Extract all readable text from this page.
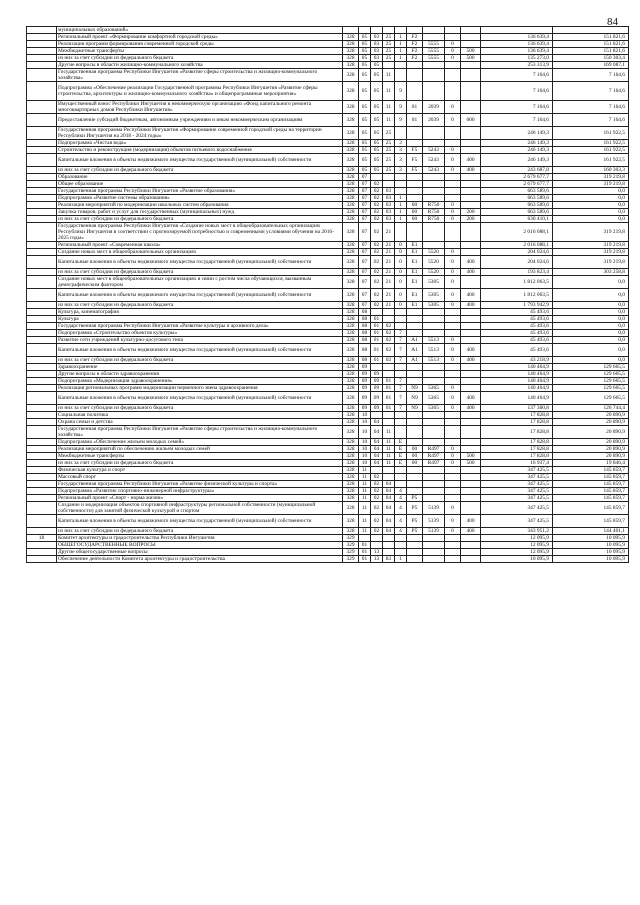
84
	муниципальных образований»											
	Региональный проект «Формирование комфортной городской среды»	328	05	03	25	1	F2				136 639,4	151 821,6
	Реализация программ формирования современной городской среды	328	05	03	25	1	F2	5555	0		136 639,4	151 821,6
	Межбюджетные трансферты	328	05	03	25	1	F2	5555	0	500	136 639,4	151 821,6
	из них за счет субсидии из федерального бюджета	328	05	03	25	1	F2	5555	0	500	135 273,0	150 303,4
	Другие вопросы в области жилищно-коммунального хозяйства	328	05	05							253 313,9	169 087,1
	Государственная программа Республики Ингушетия «Развитие сферы строительства и жилищно-коммунального хозяйства»	328	05	05	11						7 164,6	7 164,6
	Подпрограмма «Обеспечение реализации Государственной программы Республики Ингушетия «Развитие сферы строительства, архитектуры и жилищно-коммунального хозяйства» и общепрограммные мероприятия»	328	05	05	11	9					7 164,6	7 164,6
	Имущественный взнос Республики Ингушетия в некоммерческую организацию «Фонд капитального ремонта многоквартирных домов Республики Ингушетия»	328	05	05	11	9	01	2039	0		7 164,6	7 164,6
	Предоставление субсидий бюджетным, автономным учреждениям и иным некоммерческим организациям	328	05	05	11	9	01	2039	0	600	7 164,6	7 164,6
	Государственная программа Республики Ингушетия «Формирование современной городской среды на территории Республики Ингушетия на 2018 - 2024 годы»	328	05	05	25						246 149,3	161 922,5
	Подпрограмма «Чистая вода»	328	05	05	25	3					246 149,3	161 922,5
	Строительство и реконструкция (модернизация) объектов питьевого водоснабжения	328	05	05	25	3	F5	5243	0		246 149,3	161 922,5
	Капитальные вложения в объекты недвижимого имущества государственной (муниципальной) собственности	328	05	05	25	3	F5	5243	0	400	246 149,3	161 922,5
	из них за счет субсидии из федерального бюджета	328	05	05	25	3	F5	5243	0	400	243 687,8	160 303,3
	Образование	328	07								2 679 677,7	319 219,8
	Общее образование	328	07	02							2 679 677,7	319 219,8
	Государственная программа Республики Ингушетия «Развитие образования»	328	07	02	03						663 589,6	0,0
	Подпрограмма «Развитие системы образования»	328	07	02	03	1					663 589,6	0,0
	Реализация мероприятий по модернизации школьных систем образования	328	07	02	03	1	00	R750	0		663 589,6	0,0
	Закупка товаров, работ и услуг для государственных (муниципальных) нужд	328	07	02	03	1	00	R750	0	200	663 589,6	0,0
	из них за счет субсидии из федерального бюджета	328	07	02	03	1	00	R750	0	200	630 410,1	0,0
	Государственная программа Республики Ингушетия «Создание новых мест в общеобразовательных организациях Республики Ингушетия в соответствии с прогнозируемой потребностью и современными условиями обучения на 2016-2025 годы»	328	07	02	21						2 016 088,1	319 219,8
	Региональный проект «Современная школа»	328	07	02	21	0	E1				2 016 088,1	319 219,8
	Создание новых мест в общеобразовательных организациях	328	07	02	21	0	E1	5520	0		204 024,6	319 219,8
	Капитальные вложения в объекты недвижимого имущества государственной (муниципальной) собственности	328	07	02	21	0	E1	5520	0	400	204 024,6	319 219,8
	из них за счет субсидии из федерального бюджета	328	07	02	21	0	E1	5520	0	400	193 823,4	303 258,8
	Создание новых мест в общеобразовательных организациях в связи с ростом числа обучающихся, вызванным демографическим фактором	328	07	02	21	0	E1	5305	0		1 812 063,5	0,0
	Капитальные вложения в объекты недвижимого имущества государственной (муниципальной) собственности	328	07	02	21	0	E1	5305	0	400	1 812 063,5	0,0
	из них за счет субсидии из федерального бюджета	328	07	02	21	0	E1	5305	0	400	1 793 942,9	0,0
	Культура, кинематография	328	08								45 493,6	0,0
	Культура	328	08	01							45 493,6	0,0
	Государственная программа Республики Ингушетия «Развитие культуры и архивного дела»	328	08	01	02						45 493,6	0,0
	Подпрограмма «Строительство объектов культуры»	328	08	01	02	7					45 493,6	0,0
	Развитие сети учреждений культурно-досугового типа	328	08	01	02	7	A1	5513	0		45 493,6	0,0
	Капитальные вложения в объекты недвижимого имущества государственной (муниципальной) собственности	328	08	01	02	7	A1	5513	0	400	45 493,6	0,0
	из них за счет субсидии из федерального бюджета	328	08	01	02	7	A1	5513	0	400	43 218,9	0,0
	Здравоохранение	328	09								140 464,9	129 665,5
	Другие вопросы в области здравоохранения	328	09	09							140 464,9	129 665,5
	Подпрограмма «Модернизация здравоохранения»	328	09	09	01	7					140 464,9	129 665,5
	Реализация региональных программ модернизации первичного звена здравоохранения	328	09	09	01	7	N9	5365	0		140 464,9	129 665,5
	Капитальные вложения в объекты недвижимого имущества государственной (муниципальной) собственности	328	09	09	01	7	N9	5365	0	400	140 464,9	129 665,5
	из них за счет субсидии из федерального бюджета	328	09	09	01	7	N9	5365	0	400	137 300,8	126 744,4
	Социальная политика	328	10								17 828,8	20 890,9
	Охрана семьи и детства	328	10	04							17 828,8	20 890,9
	Государственная программа Республики Ингушетия «Развитие сферы строительства и жилищно-коммунального хозяйства»	328	10	04	11						17 828,8	20 890,9
	Подпрограмма «Обеспечение жильем молодых семей»	328	10	04	11	E					17 828,8	20 890,9
	Реализация мероприятий по обеспечению жильем молодых семей	328	10	04	11	E	00	R497	0		17 828,8	20 890,9
	Межбюджетные трансферты	328	10	04	11	E	00	R497	0	500	17 828,8	20 890,9
	из них за счет субсидии из федерального бюджета	328	10	04	11	E	00	R497	0	500	16 937,4	19 846,4
	Физическая культура и спорт	328	11								347 425,5	145 859,7
	Массовый спорт	328	11	02							347 425,5	145 859,7
	Государственная программа Республики Ингушетия «Развитие физической культуры и спорта»	328	11	02	04						347 425,5	145 859,7
	Подпрограмма «Развитие спортивно-инженерной инфраструктуры»	328	11	02	04	4					347 425,5	145 859,7
	Региональный проект «Спорт - норма жизни»	328	11	02	04	4	P5				347 425,5	145 859,7
	Создание и модернизация объектов спортивной инфраструктуры региональной собственности (муниципальной собственности) для занятий физической культурой и спортом	328	11	02	04	4	P5	5139	0		347 425,5	145 859,7
	Капитальные вложения в объекты недвижимого имущества государственной (муниципальной) собственности	328	11	02	04	4	P5	5139	0	400	347 425,5	145 859,7
	из них за счет субсидии из федерального бюджета	328	11	02	04	4	P5	5139	0	400	343 951,2	144 401,1
18	Комитет архитектуры и градостроительства Республики Ингушетия	329									12 095,9	10 095,9
	ОБЩЕГОСУДАРСТВЕННЫЕ ВОПРОСЫ	329	01								12 095,9	10 095,9
	Другие общегосударственные вопросы	329	01	13							12 095,9	10 095,9
	Обеспечение деятельности Комитета архитектуры и градостроительства	329	01	13	83	1					10 095,9	10 095,9
